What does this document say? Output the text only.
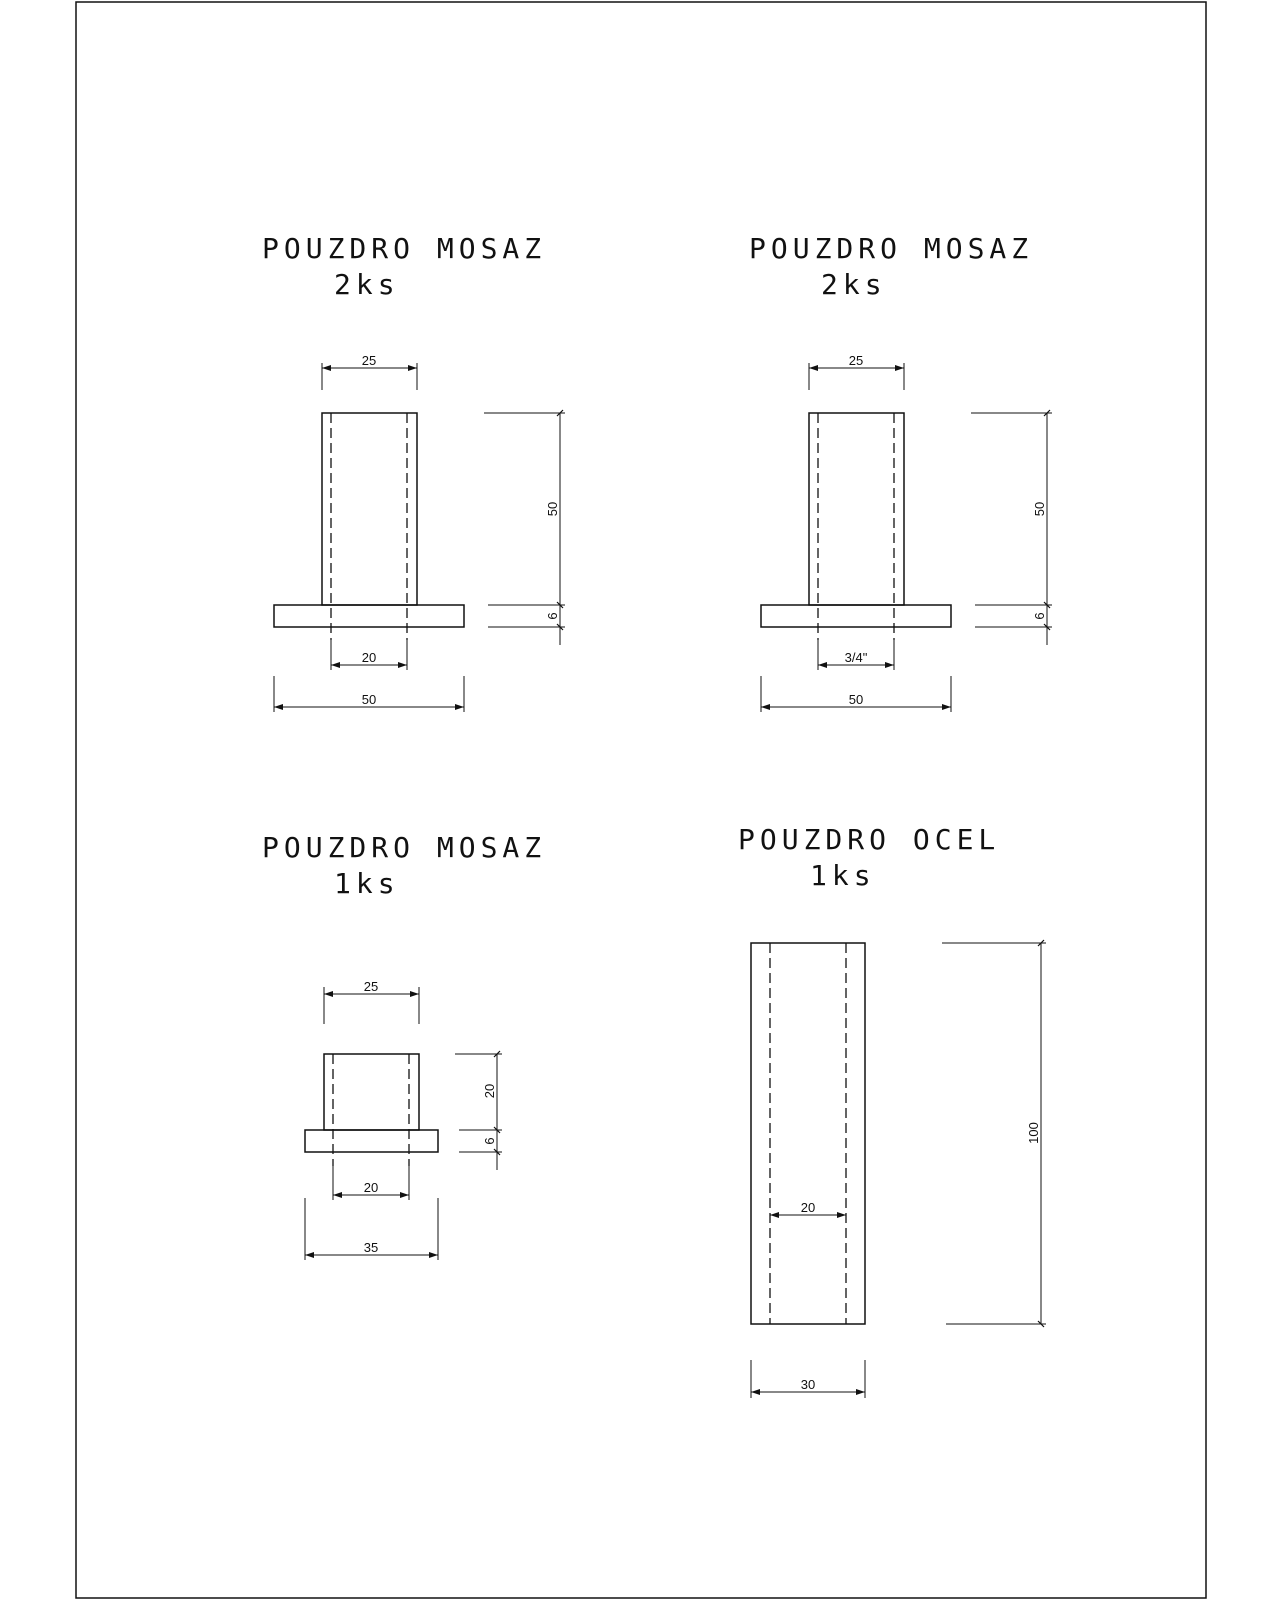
POUZDRO MOSAZ
2ks
25
50
6
20
50
POUZDRO MOSAZ
2ks
25
50
6
3/4"
50
POUZDRO MOSAZ
1ks
25
20
6
20
35
POUZDRO OCEL
1ks
20
100
30
